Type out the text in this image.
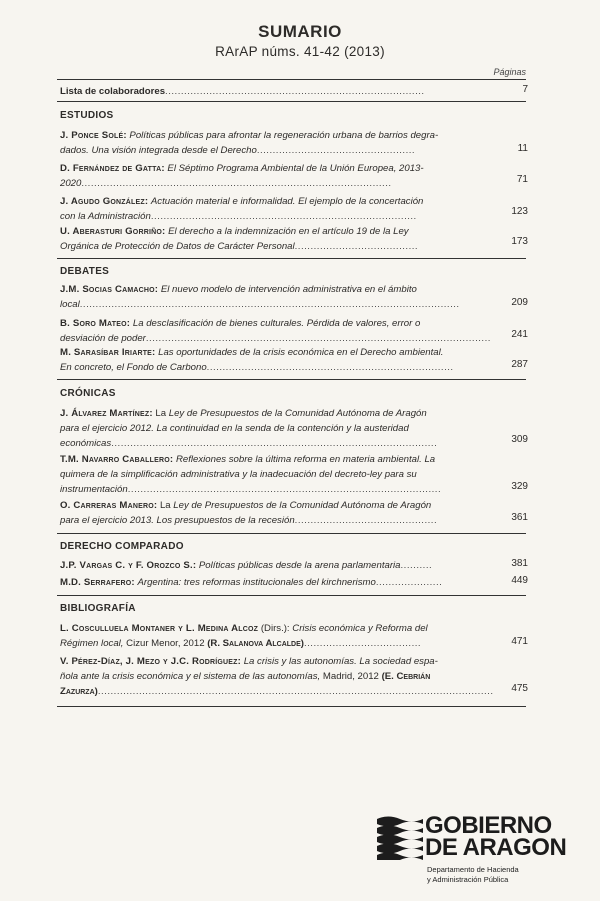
SUMARIO
RArAP núms. 41-42 (2013)
Páginas
Lista de colaboradores..................................................................................	7
ESTUDIOS
J. Ponce Solé: Políticas públicas para afrontar la regeneración urbana de barrios degra-
dados. Una visión integrada desde el Derecho..................................................	11
D. Fernández de Gatta: El Séptimo Programa Ambiental de la Unión Europea, 2013-
2020..................................................................................................	71
J. Agudo González: Actuación material e informalidad. El ejemplo de la concertación
con la Administración....................................................................................	123
U. Aberasturi Gorriño: El derecho a la indemnización en el artículo 19 de la Ley
Orgánica de Protección de Datos de Carácter Personal.......................................	173
DEBATES
J.M. Socias Camacho: El nuevo modelo de intervención administrativa en el ámbito
local........................................................................................................................	209
B. Soro Mateo: La desclasificación de bienes culturales. Pérdida de valores, error o
desviación de poder.............................................................................................................	241
M. Sarasíbar Iriarte: Las oportunidades de la crisis económica en el Derecho ambiental.
En concreto, el Fondo de Carbono..............................................................................	287
CRÓNICAS
J. Álvarez Martínez: La Ley de Presupuestos de la Comunidad Autónoma de Aragón
para el ejercicio 2012. La continuidad en la senda de la contención y la austeridad
económicas.......................................................................................................	309
T.M. Navarro Caballero: Reflexiones sobre la última reforma en materia ambiental. La
quimera de la simplificación administrativa y la inadecuación del decreto-ley para su
instrumentación...................................................................................................	329
O. Carreras Manero: La Ley de Presupuestos de la Comunidad Autónoma de Aragón
para el ejercicio 2013. Los presupuestos de la recesión.............................................	361
DERECHO COMPARADO
J.P. Vargas C. y F. Orozco S.: Políticas públicas desde la arena parlamentaria..........	381
M.D. Serrafero: Argentina: tres reformas institucionales del kirchnerismo.....................	449
BIBLIOGRAFÍA
L. Cosculluela Montaner y L. Medina Alcoz (Dirs.): Crisis económica y Reforma del
Régimen local, Cizur Menor, 2012 (R. Salanova Alcalde).....................................	471
V. Pérez-Díaz, J. Mezo y J.C. Rodríguez: La crisis y las autonomías. La sociedad espa-
ñola ante la crisis económica y el sistema de las autonomías, Madrid, 2012 (E. Cebrián
Zazurza).............................................................................................................................	475
GOBIERNO
DE ARAGON
Departamento de Hacienda
y Administración Pública
